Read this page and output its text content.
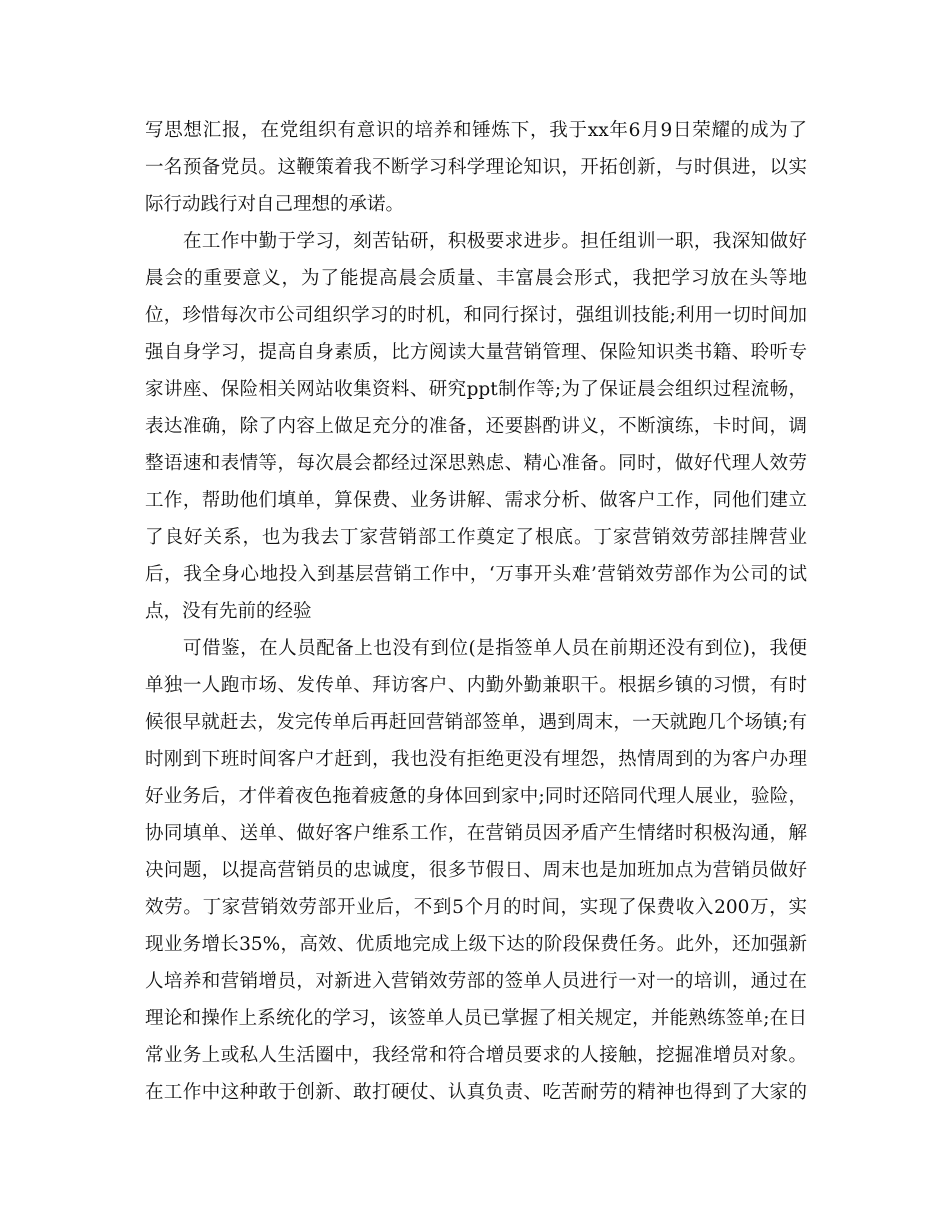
写思想汇报，在党组织有意识的培养和锤炼下，我于xx年6月9日荣耀的成为了
一名预备党员。这鞭策着我不断学习科学理论知识，开拓创新，与时俱进，以实
际行动践行对自己理想的承诺。
在工作中勤于学习，刻苦钻研，积极要求进步。担任组训一职，我深知做好
晨会的重要意义，为了能提高晨会质量、丰富晨会形式，我把学习放在头等地
位，珍惜每次市公司组织学习的时机，和同行探讨，强组训技能;利用一切时间加
强自身学习，提高自身素质，比方阅读大量营销管理、保险知识类书籍、聆听专
家讲座、保险相关网站收集资料、研究ppt制作等;为了保证晨会组织过程流畅，
表达准确，除了内容上做足充分的准备，还要斟酌讲义，不断演练，卡时间，调
整语速和表情等，每次晨会都经过深思熟虑、精心准备。同时，做好代理人效劳
工作，帮助他们填单，算保费、业务讲解、需求分析、做客户工作，同他们建立
了良好关系，也为我去丁家营销部工作奠定了根底。丁家营销效劳部挂牌营业
后，我全身心地投入到基层营销工作中，‘万事开头难’营销效劳部作为公司的试
点，没有先前的经验
可借鉴，在人员配备上也没有到位(是指签单人员在前期还没有到位)，我便
单独一人跑市场、发传单、拜访客户、内勤外勤兼职干。根据乡镇的习惯，有时
候很早就赶去，发完传单后再赶回营销部签单，遇到周末，一天就跑几个场镇;有
时刚到下班时间客户才赶到，我也没有拒绝更没有埋怨，热情周到的为客户办理
好业务后，才伴着夜色拖着疲惫的身体回到家中;同时还陪同代理人展业，验险，
协同填单、送单、做好客户维系工作，在营销员因矛盾产生情绪时积极沟通，解
决问题，以提高营销员的忠诚度，很多节假日、周末也是加班加点为营销员做好
效劳。丁家营销效劳部开业后，不到5个月的时间，实现了保费收入200万，实
现业务增长35%，高效、优质地完成上级下达的阶段保费任务。此外，还加强新
人培养和营销增员，对新进入营销效劳部的签单人员进行一对一的培训，通过在
理论和操作上系统化的学习，该签单人员已掌握了相关规定，并能熟练签单;在日
常业务上或私人生活圈中，我经常和符合增员要求的人接触，挖掘准增员对象。
在工作中这种敢于创新、敢打硬仗、认真负责、吃苦耐劳的精神也得到了大家的
